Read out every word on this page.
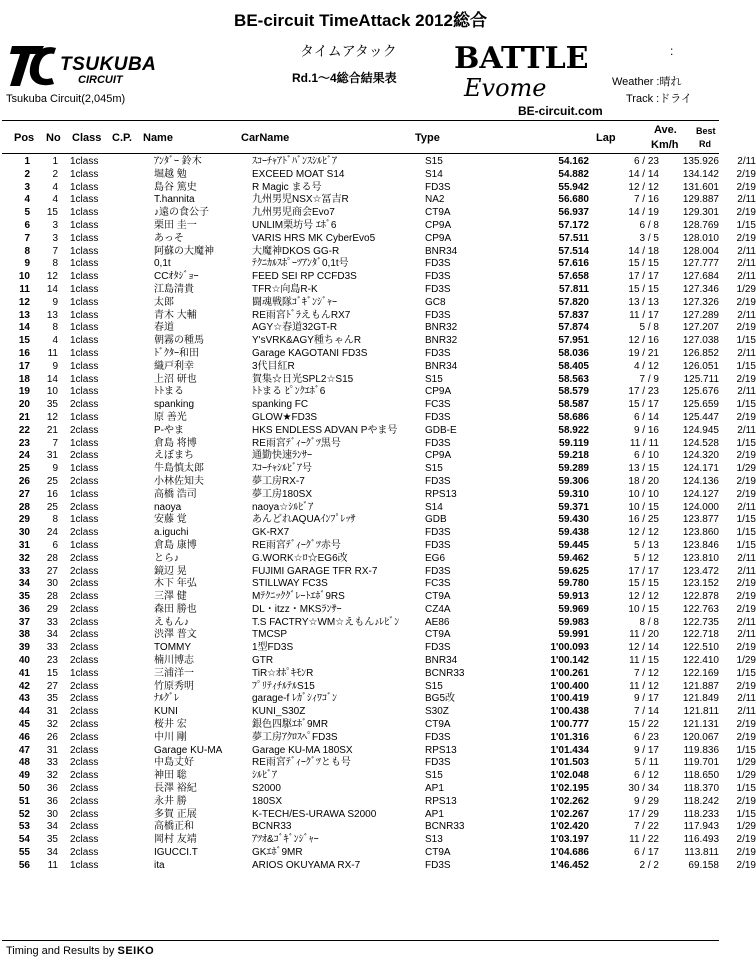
BE-circuit TimeAttack 2012総合
TSUKUBA
CIRCUIT
Tsukuba Circuit(2,045m)
タイムアタック
Rd.1～4総合結果表
BATTLE
Evome
BE-circuit.com
:
Weather :晴れ
Track :ドライ
Pos No Class C.P. Name	CarName	Type	Lap
Ave.
Km/h
Best
Rd
1	1	1class	ｱﾝﾀﾞｰ 鈴木	ｽｺｰﾁｬｱﾄﾞﾊﾞﾝｽｼﾙﾋﾞｱ	S15	54.162	6 / 23	135.926	2/11
2	2	1class	堀越 勉	EXCEED MOAT S14	S14	54.882	14 / 14	134.142	2/19
3	4	1class	島谷 篤史	R Magic まる号	FD3S	55.942	12 / 12	131.601	2/19
4	4	1class	T.hannita	九州男児NSX☆冨吉R	NA2	56.680	7 / 16	129.887	2/11
5	15	1class	♪遠の食公子	九州男児商会Evo7	CT9A	56.937	14 / 19	129.301	2/19
6	3	1class	栗田 圭一	UNLIM栗坊号 ｴﾎﾞ6	CP9A	57.172	6 / 8	128.769	1/15
7	3	1class	あっそ	VARIS HRS MK CyberEvo5	CP9A	57.511	3 / 5	128.010	2/19
8	7	1class	阿蘇の大魔神	大魔神DKOS GG-R	BNR34	57.514	14 / 18	128.004	2/11
9	8	1class	0,1t	ﾃｸﾆｶﾙｽﾎﾟｰﾂｱﾝﾀﾞ0,1t号	FD3S	57.616	15 / 15	127.777	2/11
10	12	1class	CCｵﾀｼﾞｮｰ	FEED SEI RP CCFD3S	FD3S	57.658	17 / 17	127.684	2/11
11	14	1class	江島清貴	TFR☆向島R-K	FD3S	57.811	15 / 15	127.346	1/29
12	9	1class	太郎	闘魂戦隊ｺﾞｷﾞﾝｼﾞｬｰ	GC8	57.820	13 / 13	127.326	2/19
13	13	1class	青木 大輔	RE雨宮ﾄﾞﾗえもんRX7	FD3S	57.837	11 / 17	127.289	2/11
14	8	1class	春道	AGY☆春道32GT-R	BNR32	57.874	5 / 8	127.207	2/19
15	4	1class	朝霧の種馬	Y'sVRK&AGY種ちゃんR	BNR32	57.951	12 / 16	127.038	1/15
16	11	1class	ﾄﾞｸﾀｰ和田	Garage KAGOTANI FD3S	FD3S	58.036	19 / 21	126.852	2/11
17	9	1class	織戸利幸	3代目紅R	BNR34	58.405	4 / 12	126.051	1/15
18	14	1class	上沼 研也	賀集☆日光SPL2☆S15	S15	58.563	7 / 9	125.711	2/19
19	10	1class	ﾄﾄまる	ﾄﾄまる ﾋﾟﾝｸｴﾎﾞ6	CP9A	58.579	17 / 23	125.676	2/11
20	35	2class	spanking	spanking FC	FC3S	58.587	15 / 17	125.659	1/15
21	12	1class	原 善光	GLOW★FD3S	FD3S	58.686	6 / 14	125.447	2/19
22	21	2class	P-やま	HKS ENDLESS ADVAN Pやま号	GDB-E	58.922	9 / 16	124.945	2/11
23	7	1class	倉島 将博	RE雨宮ﾃﾞｨｰｸﾞﾂ黒号	FD3S	59.119	11 / 11	124.528	1/15
24	31	2class	えぼまち	通勤快速ﾗﾝｻｰ	CP9A	59.218	6 / 10	124.320	2/19
25	9	1class	牛島慎太郎	ｽｺｰﾁｬｼﾙﾋﾞｱ号	S15	59.289	13 / 15	124.171	1/29
26	25	2class	小林佐知夫	夢工房RX-7	FD3S	59.306	18 / 20	124.136	2/19
27	16	1class	高橋 浩司	夢工房180SX	RPS13	59.310	10 / 10	124.127	2/19
28	25	2class	naoya	naoya☆ｼﾙﾋﾞｱ	S14	59.371	10 / 15	124.000	2/11
29	8	1class	安藤 覚	あんどれAQUAｲﾝﾌﾟﾚｯｻ	GDB	59.430	16 / 25	123.877	1/15
30	24	2class	a.iguchi	GK-RX7	FD3S	59.438	12 / 12	123.860	1/15
31	6	1class	倉島 康博	RE雨宮ﾃﾞｨｰｸﾞﾂ赤号	FD3S	59.445	5 / 13	123.846	1/15
32	28	2class	とら♪	G.WORK☆ﾛ☆EG6改	EG6	59.462	5 / 12	123.810	2/11
33	27	2class	鏡辺 晃	FUJIMI GARAGE TFR RX-7	FD3S	59.625	17 / 17	123.472	2/11
34	30	2class	木下 年弘	STILLWAY FC3S	FC3S	59.780	15 / 15	123.152	2/19
35	28	2class	三澤 健	Mﾃｸﾆｯｸｸﾞﾚｰﾄｴﾎﾞ9RS	CT9A	59.913	12 / 12	122.878	2/19
36	29	2class	森田 勝也	DL・itzz・MKSﾗﾝｻｰ	CZ4A	59.969	10 / 15	122.763	2/19
37	33	2class	えもん♪	T.S FACTRY☆WM☆えもん♪ﾚﾋﾞﾝ	AE86	59.983	8 / 8	122.735	2/11
38	34	2class	渋澤 普文	TMCSP	CT9A	59.991	11 / 20	122.718	2/11
39	33	2class	TOMMY	1型FD3S	FD3S	1'00.093	12 / 14	122.510	2/19
40	23	2class	楠川博志	GTR	BNR34	1'00.142	11 / 15	122.410	1/29
41	15	1class	三浦洋一	TiR☆ｵﾎﾟｷﾓﾝR	BCNR33	1'00.261	7 / 12	122.169	1/15
42	27	2class	竹原秀明	ﾌﾟﾘﾃｨﾁﾙﾃﾙS15	S15	1'00.400	11 / 12	121.887	2/19
43	35	2class	ﾅﾙｸﾞﾚ	garage-f ﾚｶﾞｼｨﾜｺﾞﾝ	BG5改	1'00.419	9 / 17	121.849	2/11
44	31	2class	KUNI	KUNI_S30Z	S30Z	1'00.438	7 / 14	121.811	2/11
45	32	2class	桜井 宏	銀色四駆ｴﾎﾞ9MR	CT9A	1'00.777	15 / 22	121.131	2/19
46	26	2class	中川 剛	夢工房ｱｸﾛｽﾍﾟFD3S	FD3S	1'01.316	6 / 23	120.067	2/19
47	31	2class	Garage KU-MA	Garage KU-MA 180SX	RPS13	1'01.434	9 / 17	119.836	1/15
48	33	2class	中島丈好	RE雨宮ﾃﾞｨｰｸﾞﾂとも号	FD3S	1'01.503	5 / 11	119.701	1/29
49	32	2class	神田 聡	ｼﾙﾋﾞｱ	S15	1'02.048	6 / 12	118.650	1/29
50	36	2class	長澤 裕紀	S2000	AP1	1'02.195	30 / 34	118.370	1/15
51	36	2class	永井 勝	180SX	RPS13	1'02.262	9 / 29	118.242	2/19
52	30	2class	多賀 正展	K-TECH/ES-URAWA S2000	AP1	1'02.267	17 / 29	118.233	1/15
53	34	2class	高橋正和	BCNR33	BCNR33	1'02.420	7 / 22	117.943	1/29
54	35	2class	岡村 友靖	ｱﾂｵ&ｺﾞｷﾞﾝｼﾞｬｰ	S13	1'03.197	11 / 22	116.493	2/19
55	34	2class	IGUCCI.T	GKｴﾎﾞ9MR	CT9A	1'04.686	6 / 17	113.811	2/19
56	11	1class	ita	ARIOS OKUYAMA RX-7	FD3S	1'46.452	2 / 2	69.158	2/19
Timing and Results by SEIKO
